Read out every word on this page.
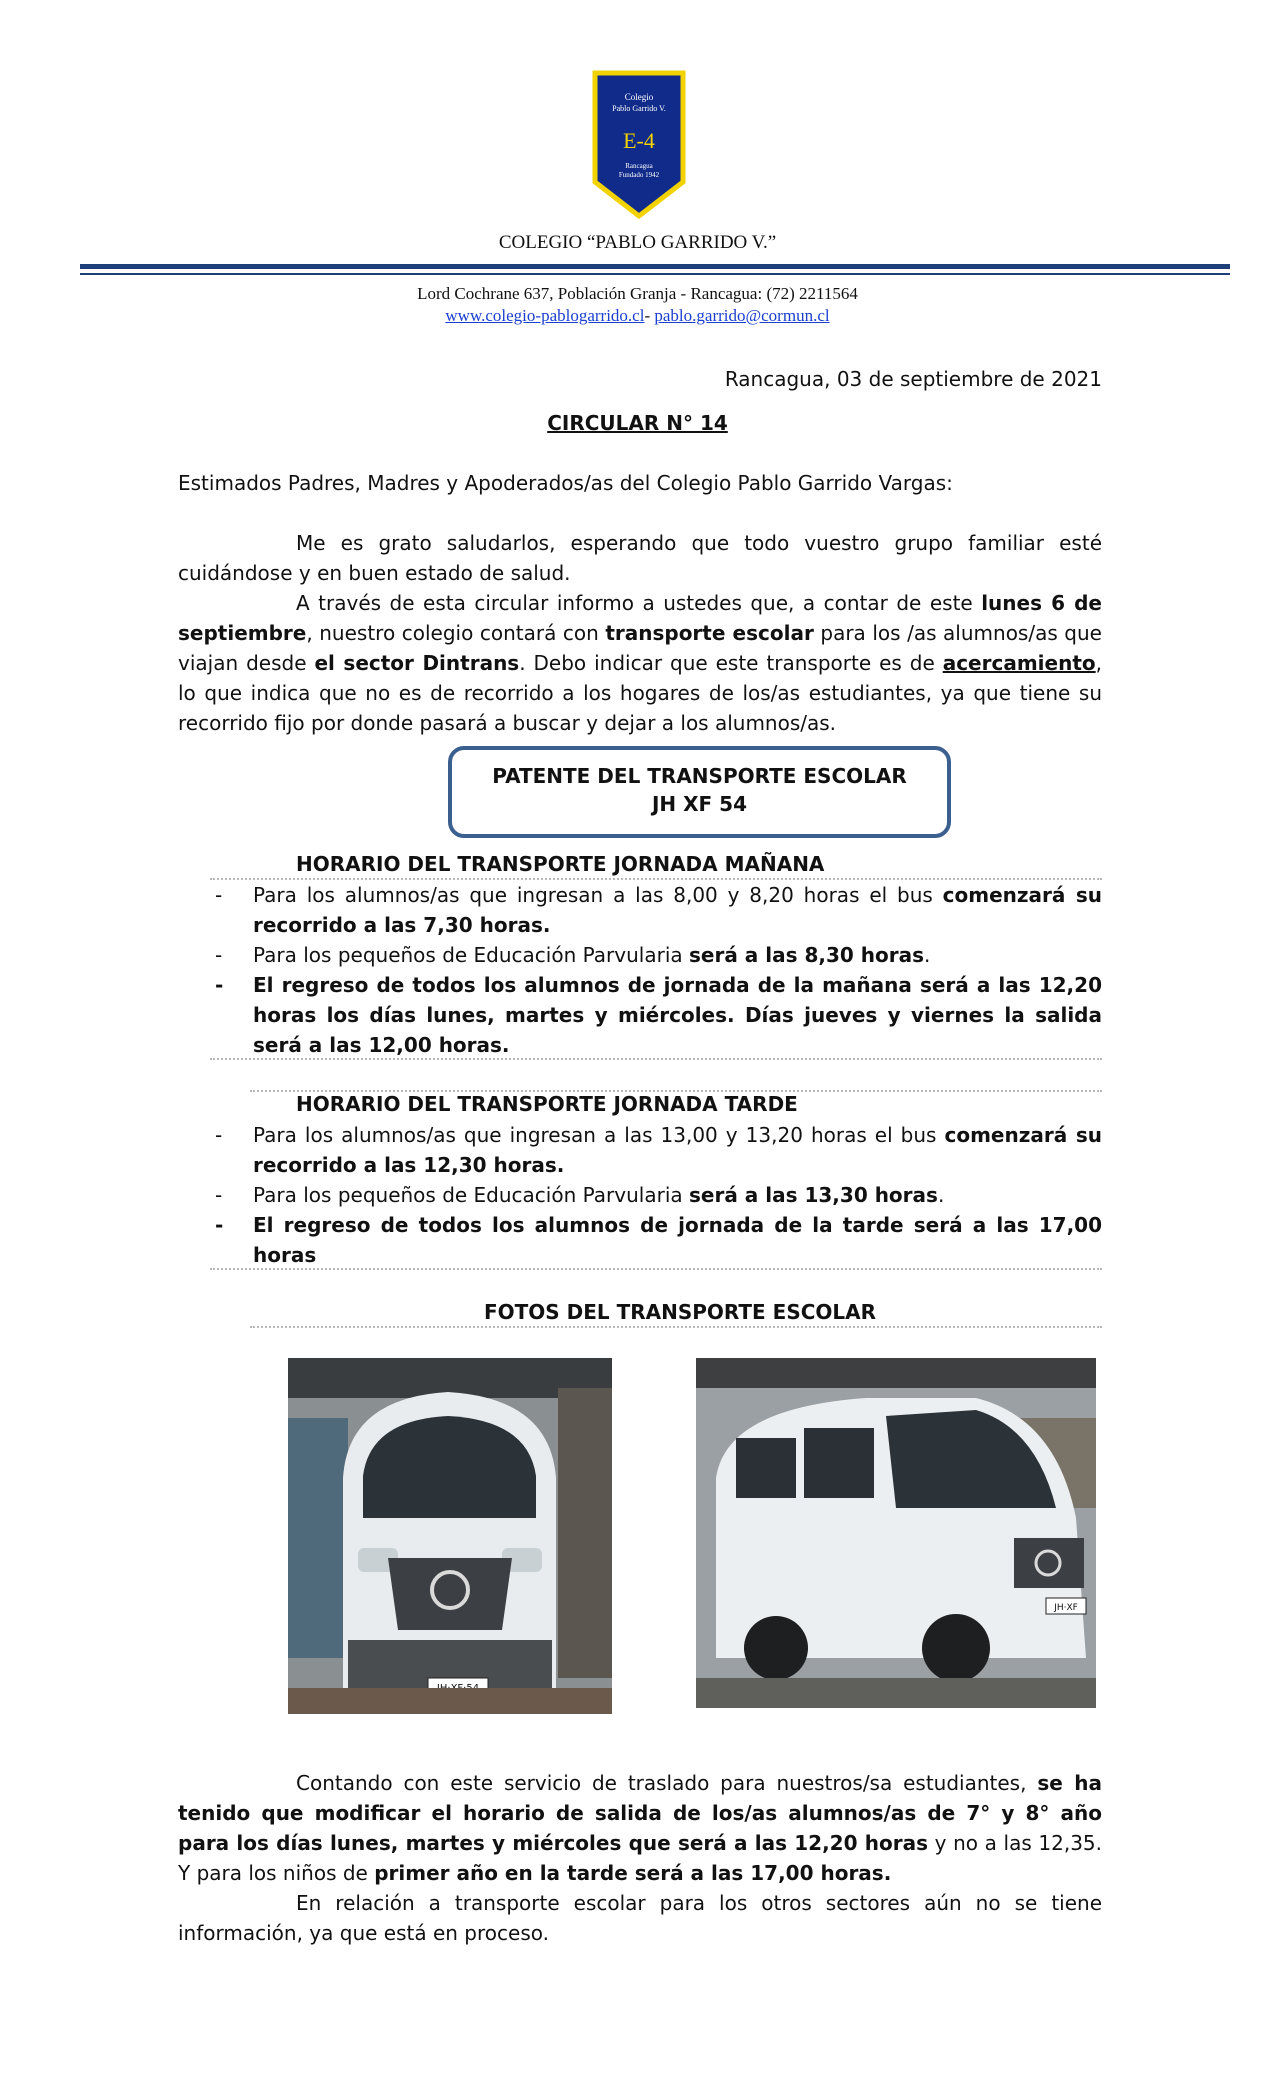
Colegio
Pablo Garrido V.
E-4
Rancagua
Fundado 1942
COLEGIO “PABLO GARRIDO V.”
Lord Cochrane 637, Población Granja - Rancagua: (72) 2211564
www.colegio-pablogarrido.cl- pablo.garrido@cormun.cl
Rancagua, 03 de septiembre de 2021
CIRCULAR N° 14
Estimados Padres, Madres y Apoderados/as del Colegio Pablo Garrido Vargas:
Me es grato saludarlos, esperando que todo vuestro grupo familiar esté cuidándose y en buen estado de salud.
A través de esta circular informo a ustedes que, a contar de este lunes 6 de septiembre, nuestro colegio contará con transporte escolar para los /as alumnos/as que viajan desde el sector Dintrans. Debo indicar que este transporte es de acercamiento, lo que indica que no es de recorrido a los hogares de los/as estudiantes, ya que tiene su recorrido fijo por donde pasará a buscar y dejar a los alumnos/as.
PATENTE DEL TRANSPORTE ESCOLAR
JH XF 54
HORARIO DEL TRANSPORTE JORNADA MAÑANA
- Para los alumnos/as que ingresan a las 8,00 y 8,20 horas el bus comenzará su recorrido a las 7,30 horas.
- Para los pequeños de Educación Parvularia será a las 8,30 horas.
- El regreso de todos los alumnos de jornada de la mañana será a las 12,20 horas los días lunes, martes y miércoles. Días jueves y viernes la salida será a las 12,00 horas.
HORARIO DEL TRANSPORTE JORNADA TARDE
- Para los alumnos/as que ingresan a las 13,00 y 13,20 horas el bus comenzará su recorrido a las 12,30 horas.
- Para los pequeños de Educación Parvularia será a las 13,30 horas.
- El regreso de todos los alumnos de jornada de la tarde será a las 17,00 horas
FOTOS DEL TRANSPORTE ESCOLAR
JH·XF
Contando con este servicio de traslado para nuestros/sa estudiantes, se ha tenido que modificar el horario de salida de los/as alumnos/as de 7° y 8° año para los días lunes, martes y miércoles que será a las 12,20 horas y no a las 12,35. Y para los niños de primer año en la tarde será a las 17,00 horas.
En relación a transporte escolar para los otros sectores aún no se tiene información, ya que está en proceso.
